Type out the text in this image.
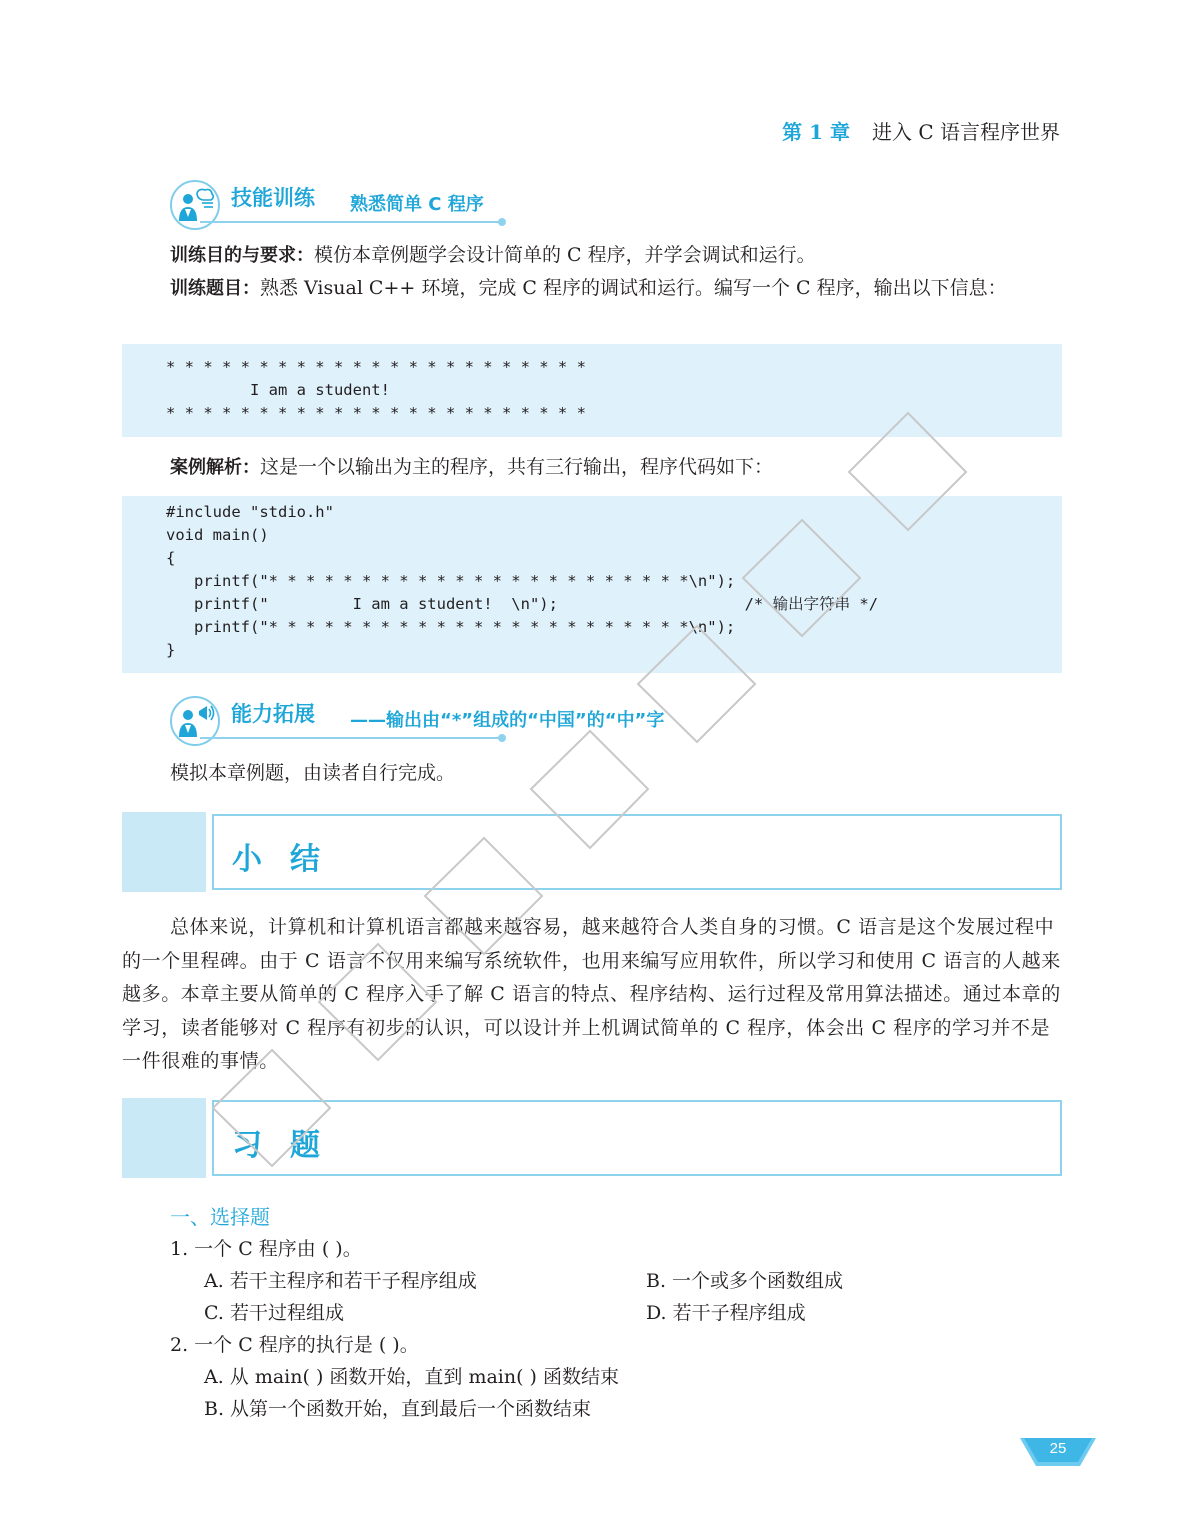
第 1 章 进入 C 语言程序世界
技能训练 熟悉简单 C 程序
训练目的与要求：模仿本章例题学会设计简单的 C 程序，并学会调试和运行。
训练题目：熟悉 Visual C++ 环境，完成 C 程序的调试和运行。编写一个 C 程序，输出以下信息：
* * * * * * * * * * * * * * * * * * * * * * *
I am a student!
* * * * * * * * * * * * * * * * * * * * * * *
案例解析：这是一个以输出为主的程序，共有三行输出，程序代码如下：
#include "stdio.h"
void main()
{
printf("* * * * * * * * * * * * * * * * * * * * * * *\n");
printf("         I am a student!  \n");                    /* 输出字符串 */
printf("* * * * * * * * * * * * * * * * * * * * * * *\n");
}
能力拓展 ——输出由“*”组成的“中国”的“中”字
模拟本章例题，由读者自行完成。
小结
总体来说，计算机和计算机语言都越来越容易，越来越符合人类自身的习惯。C 语言是这个发展过程中的一个里程碑。由于 C 语言不仅用来编写系统软件，也用来编写应用软件，所以学习和使用 C 语言的人越来越多。本章主要从简单的 C 程序入手了解 C 语言的特点、程序结构、运行过程及常用算法描述。通过本章的学习，读者能够对 C 程序有初步的认识，可以设计并上机调试简单的 C 程序，体会出 C 程序的学习并不是一件很难的事情。
习题
一、选择题
1. 一个 C 程序由 ( )。
A. 若干主程序和若干子程序组成	B. 一个或多个函数组成
C. 若干过程组成	D. 若干子程序组成
2. 一个 C 程序的执行是 ( )。
A. 从 main( ) 函数开始，直到 main( ) 函数结束
B. 从第一个函数开始，直到最后一个函数结束
25
